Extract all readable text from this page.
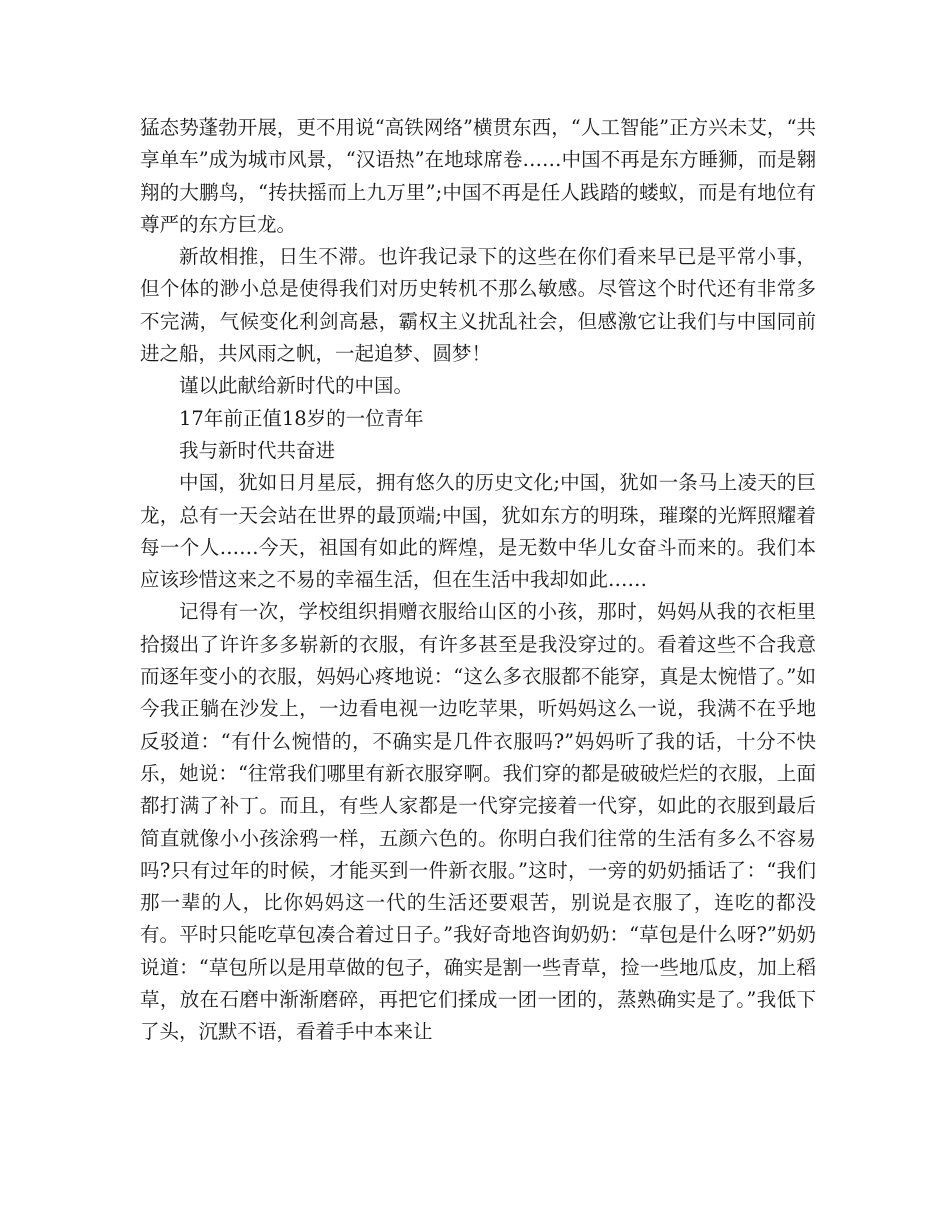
猛态势蓬勃开展，更不用说“高铁网络”横贯东西，“人工智能”正方兴未艾，“共享单车”成为城市风景，“汉语热”在地球席卷……中国不再是东方睡狮，而是翱翔的大鹏鸟，“抟扶摇而上九万里”;中国不再是任人践踏的蝼蚁，而是有地位有尊严的东方巨龙。

新故相推，日生不滞。也许我记录下的这些在你们看来早已是平常小事，但个体的渺小总是使得我们对历史转机不那么敏感。尽管这个时代还有非常多不完满，气候变化利剑高悬，霸权主义扰乱社会，但感激它让我们与中国同前进之船，共风雨之帆，一起追梦、圆梦！

谨以此献给新时代的中国。

17年前正值18岁的一位青年

我与新时代共奋进

中国，犹如日月星辰，拥有悠久的历史文化;中国，犹如一条马上凌天的巨龙，总有一天会站在世界的最顶端;中国，犹如东方的明珠，璀璨的光辉照耀着每一个人……今天，祖国有如此的辉煌，是无数中华儿女奋斗而来的。我们本应该珍惜这来之不易的幸福生活，但在生活中我却如此……

记得有一次，学校组织捐赠衣服给山区的小孩，那时，妈妈从我的衣柜里拾掇出了许许多多崭新的衣服，有许多甚至是我没穿过的。看着这些不合我意而逐年变小的衣服，妈妈心疼地说：“这么多衣服都不能穿，真是太惋惜了。”如今我正躺在沙发上，一边看电视一边吃苹果，听妈妈这么一说，我满不在乎地反驳道：“有什么惋惜的，不确实是几件衣服吗?”妈妈听了我的话，十分不快乐，她说：“往常我们哪里有新衣服穿啊。我们穿的都是破破烂烂的衣服，上面都打满了补丁。而且，有些人家都是一代穿完接着一代穿，如此的衣服到最后简直就像小小孩涂鸦一样，五颜六色的。你明白我们往常的生活有多么不容易吗?只有过年的时候，才能买到一件新衣服。”这时，一旁的奶奶插话了：“我们那一辈的人，比你妈妈这一代的生活还要艰苦，别说是衣服了，连吃的都没有。平时只能吃草包凑合着过日子。”我好奇地咨询奶奶：“草包是什么呀?”奶奶说道：“草包所以是用草做的包子，确实是割一些青草，捡一些地瓜皮，加上稻草，放在石磨中渐渐磨碎，再把它们揉成一团一团的，蒸熟确实是了。”我低下了头，沉默不语，看着手中本来让
